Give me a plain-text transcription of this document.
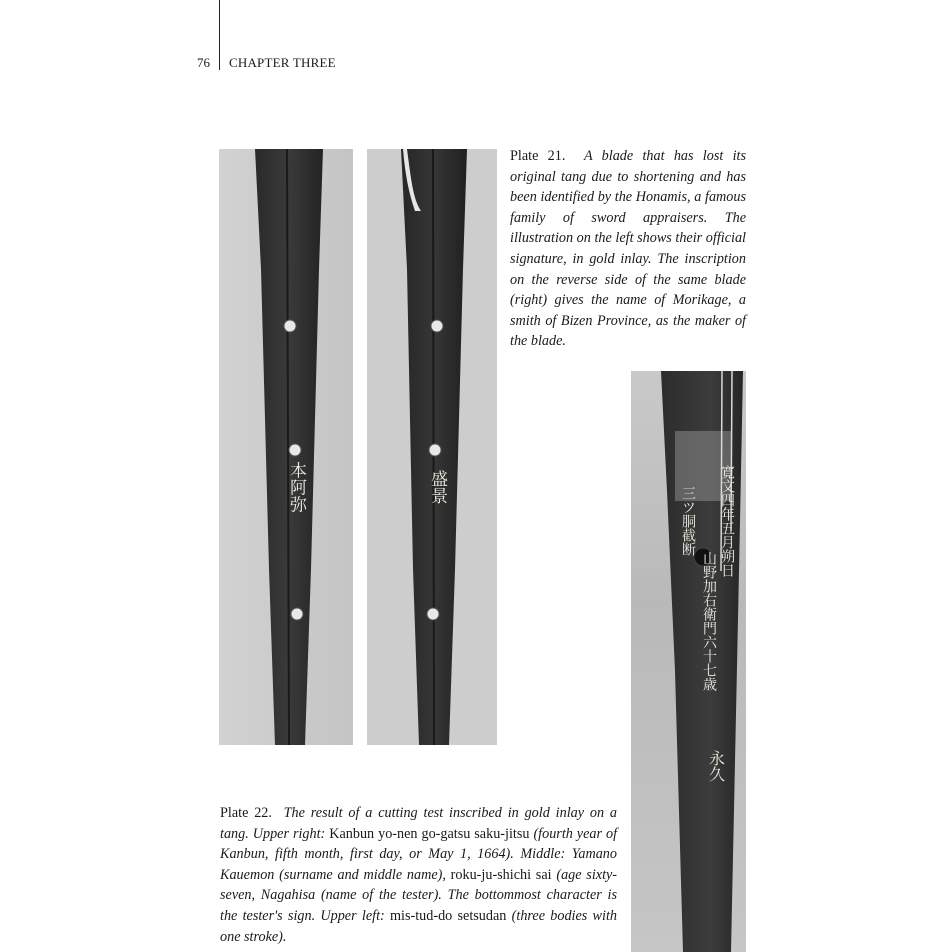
76 CHAPTER THREE
本阿弥	盛景	寛文四年五月朔日
山野加右衛門六十七歳
永久
三ツ胴截断
Plate 21. A blade that has lost its original tang due to shortening and has been identified by the Honamis, a famous family of sword appraisers. The illustration on the left shows their official signature, in gold inlay. The inscription on the reverse side of the same blade (right) gives the name of Morikage, a smith of Bizen Province, as the maker of the blade.
Plate 22. The result of a cutting test inscribed in gold inlay on a tang. Upper right: Kanbun yo-nen go-gatsu saku-jitsu (fourth year of Kanbun, fifth month, first day, or May 1, 1664). Middle: Yamano Kauemon (surname and middle name), roku-ju-shichi sai (age sixty-seven, Nagahisa (name of the tester). The bottommost character is the tester's sign. Upper left: mis-tud-do setsudan (three bodies with one stroke).
